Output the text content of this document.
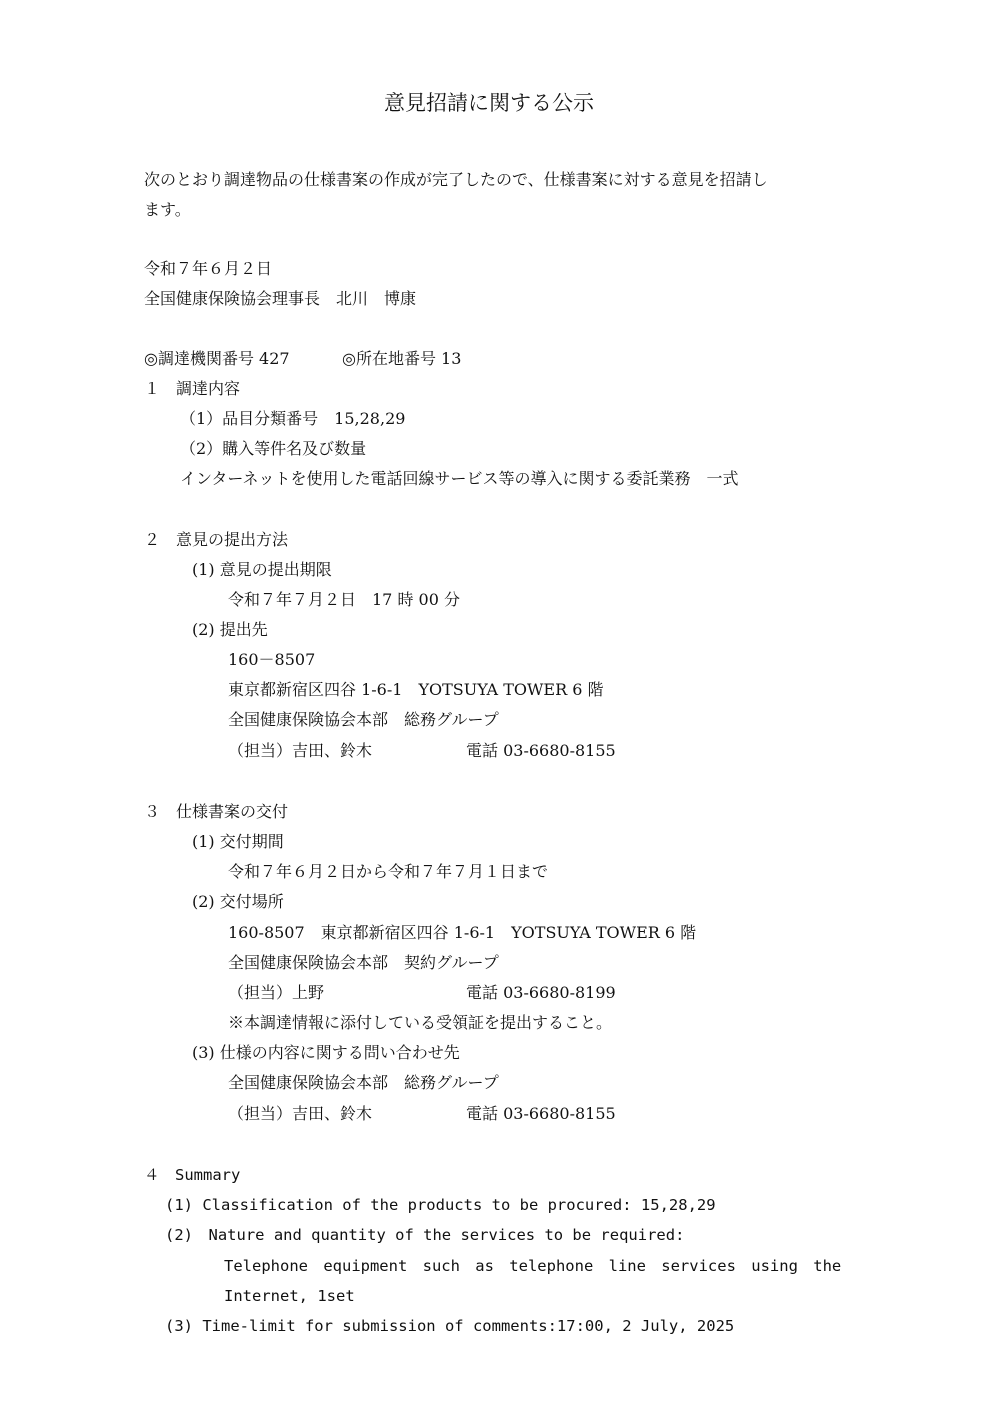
意見招請に関する公示
次のとおり調達物品の仕様書案の作成が完了したので、仕様書案に対する意見を招請し
ます。
令和７年６月２日
全国健康保険協会理事長 北川　博康
◎調達機関番号 427	◎所在地番号 13
１　調達内容
（1）品目分類番号　15,28,29
（2）購入等件名及び数量
インターネットを使用した電話回線サービス等の導入に関する委託業務　一式
２　意見の提出方法
(1) 意見の提出期限
令和７年７月２日　17 時 00 分
(2) 提出先
160－8507
東京都新宿区四谷 1-6-1　YOTSUYA TOWER 6 階
全国健康保険協会本部　総務グループ
（担当）吉田、鈴木	電話 03-6680-8155
３　仕様書案の交付
(1) 交付期間
令和７年６月２日から令和７年７月１日まで
(2) 交付場所
160-8507　東京都新宿区四谷 1-6-1　YOTSUYA TOWER 6 階
全国健康保険協会本部　契約グループ
（担当）上野	電話 03-6680-8199
※本調達情報に添付している受領証を提出すること。
(3) 仕様の内容に関する問い合わせ先
全国健康保険協会本部　総務グループ
（担当）吉田、鈴木	電話 03-6680-8155
４　Summary
(1) Classification of the products to be procured: 15,28,29
(2)　Nature and quantity of the services to be required:
Telephone equipment such as telephone line services using the
Internet, 1set
(3) Time-limit for submission of comments:17:00, 2 July, 2025
